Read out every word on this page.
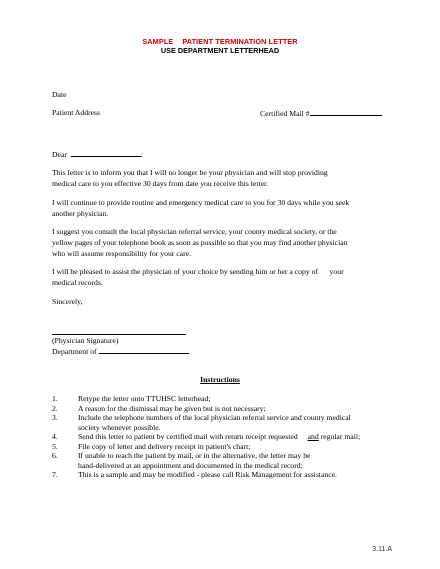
SAMPLE PATIENT TERMINATION LETTER
USE DEPARTMENT LETTERHEAD
Date
Patient Address	Certified Mail #
Dear	:
This letter is to inform you that I will no longer be your physician and will stop providing
medical care to you effective 30 days from date you receive this letter.
I will continue to provide routine and emergency medical care to you for 30 days while you seek
another physician.
I suggest you consult the local physician referral service, your county medical society, or the
yellow pages of your telephone book as soon as possible so that you may find another physician
who will assume responsibility for your care.
I will be pleased to assist the physician of your choice by sending him or her a copy of      your
medical records.
Sincerely,
(Physician Signature)
Department of
Instructions
1.	Retype the letter onto TTUHSC letterhead;
2.	A reason for the dismissal may be given but is not necessary;
3.	Include the telephone numbers of the local physician referral service and county medical
society whenever possible.
4.	Send this letter to patient by certified mail with return receipt requested and regular mail;
5.	File copy of letter and delivery receipt in patient's chart;
6.	If unable to reach the patient by mail, or in the alternative, the letter may be
hand-delivered at an appointment and documented in the medical record;
7.	This is a sample and may be modified - please call Risk Management for assistance.
3.11.A
